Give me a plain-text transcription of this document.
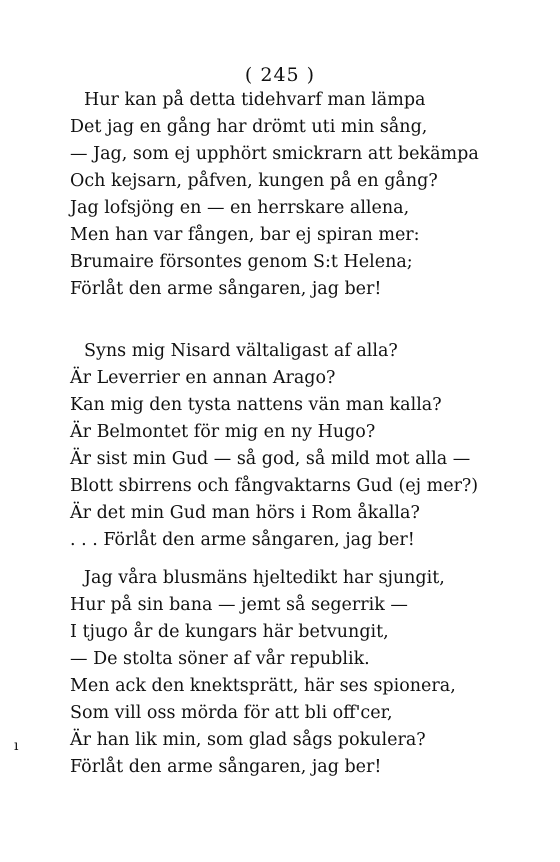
( 245 )
Hur kan på detta tidehvarf man lämpa
Det jag en gång har drömt uti min sång,
— Jag, som ej upphört smickrarn att bekämpa
Och kejsarn, påfven, kungen på en gång?
Jag lofsjöng en — en herrskare allena,
Men han var fången, bar ej spiran mer:
Brumaire försontes genom S:t Helena;
Förlåt den arme sångaren, jag ber!
Syns mig Nisard vältaligast af alla?
Är Leverrier en annan Arago?
Kan mig den tysta nattens vän man kalla?
Är Belmontet för mig en ny Hugo?
Är sist min Gud — så god, så mild mot alla —
Blott sbirrens och fångvaktarns Gud (ej mer?)
Är det min Gud man hörs i Rom åkalla?
. . . Förlåt den arme sångaren, jag ber!
Jag våra blusmäns hjeltedikt har sjungit,
Hur på sin bana — jemt så segerrik —
I tjugo år de kungars här betvungit,
— De stolta söner af vår republik.
Men ack den knektsprätt, här ses spionera,
Som vill oss mörda för att bli off'cer,
Är han lik min, som glad sågs pokulera?
Förlåt den arme sångaren, jag ber!
ı
